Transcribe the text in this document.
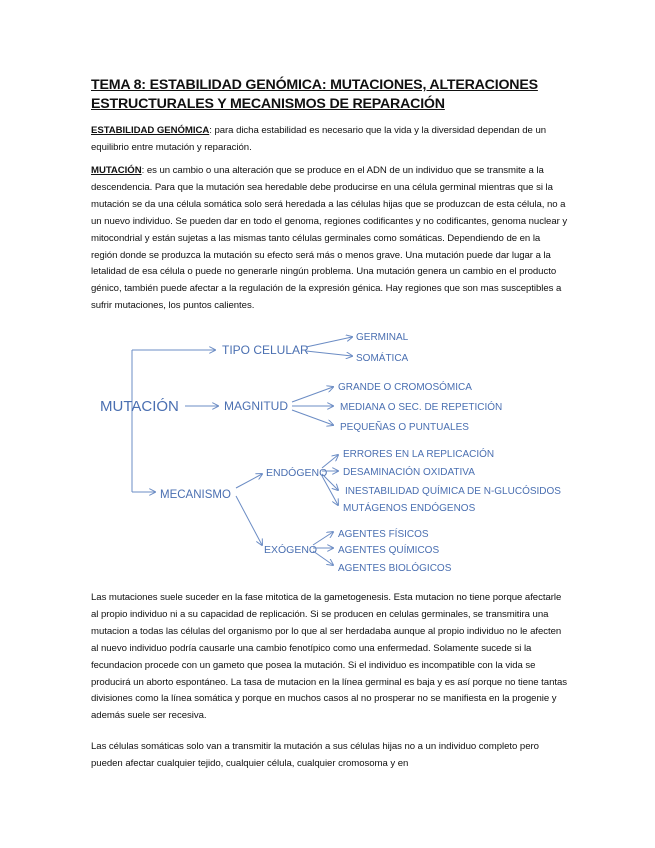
TEMA 8: ESTABILIDAD GENÓMICA: MUTACIONES, ALTERACIONES ESTRUCTURALES Y MECANISMOS DE REPARACIÓN
ESTABILIDAD GENÓMICA: para dicha estabilidad es necesario que la vida y la diversidad dependan de un equilibrio entre mutación y reparación.
MUTACIÓN: es un cambio o una alteración que se produce en el ADN de un individuo que se transmite a la descendencia. Para que la mutación sea heredable debe producirse en una célula germinal mientras que si la mutación se da una célula somática solo será heredada a las células hijas que se produzcan de esta célula, no a un nuevo individuo. Se pueden dar en todo el genoma, regiones codificantes y no codificantes, genoma nuclear y mitocondrial y están sujetas a las mismas tanto células germinales como somáticas. Dependiendo de en la región donde se produzca la mutación su efecto será más o menos grave. Una mutación puede dar lugar a la letalidad de esa célula o puede no generarle ningún problema. Una mutación genera un cambio en el producto génico, también puede afectar a la regulación de la expresión génica. Hay regiones que son mas susceptibles a sufrir mutaciones, los puntos calientes.
MUTACIÓN
TIPO CELULAR
GERMINAL
SOMÁTICA
MAGNITUD
GRANDE O CROMOSÓMICA
MEDIANA O SEC. DE REPETICIÓN
PEQUEÑAS O PUNTUALES
MECANISMO
ENDÓGENO
ERRORES EN LA REPLICACIÓN
DESAMINACIÓN OXIDATIVA
INESTABILIDAD QUÍMICA DE N-GLUCÓSIDOS
MUTÁGENOS ENDÓGENOS
EXÓGENO
AGENTES FÍSICOS
AGENTES QUÍMICOS
AGENTES BIOLÓGICOS
Las mutaciones suele suceder en la fase mitotica de la gametogenesis. Esta mutacion no tiene porque afectarle al propio individuo ni a su capacidad de replicación. Si se producen en celulas germinales, se transmitira una mutacion a todas las células del organismo por lo que al ser herdadaba aunque al propio individuo no le afecten al nuevo individuo podría causarle una cambio fenotípico como una enfermedad. Solamente sucede si la fecundacion procede con un gameto que posea la mutación. Si el individuo es incompatible con la vida se producirá un aborto espontáneo. La tasa de mutacion en la línea germinal es baja y es así porque no tiene tantas divisiones como la línea somática y porque en muchos casos al no prosperar no se manifiesta en la progenie y además suele ser recesiva.
Las células somáticas solo van a transmitir la mutación a sus células hijas no a un individuo completo pero pueden afectar cualquier tejido, cualquier célula, cualquier cromosoma y en
